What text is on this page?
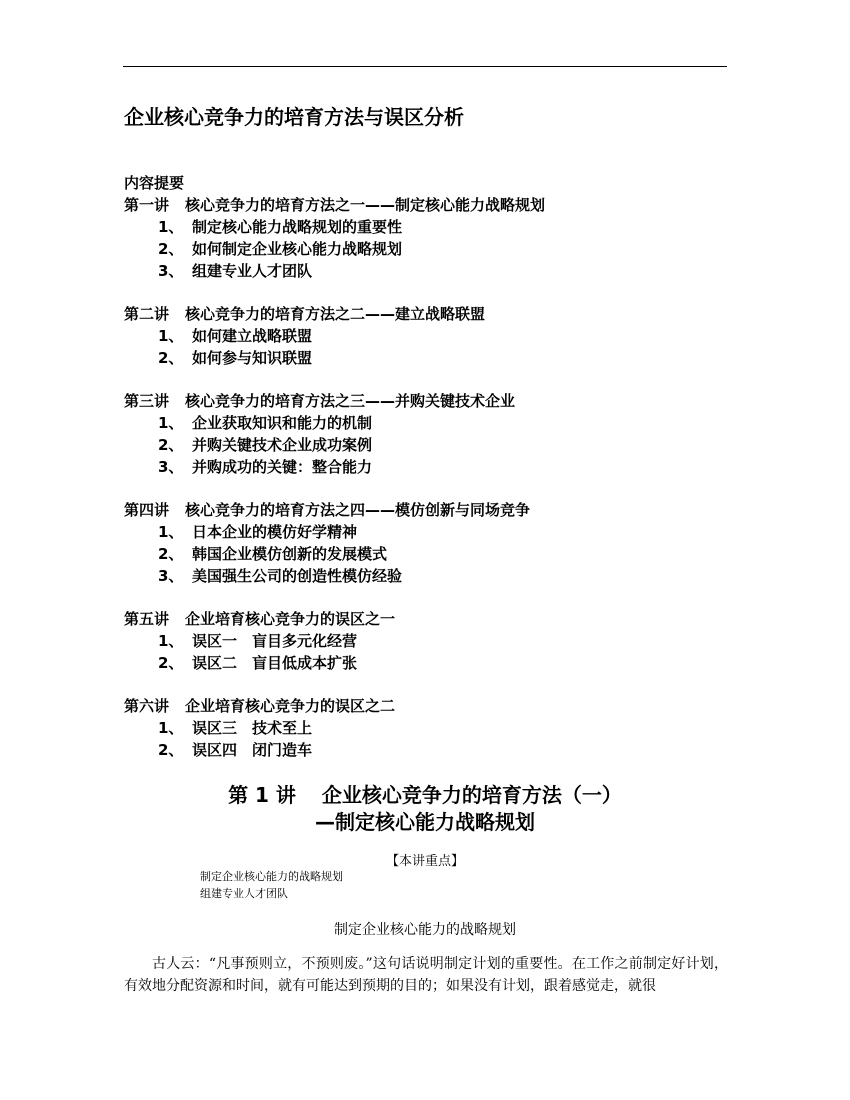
企业核心竞争力的培育方法与误区分析
内容提要
第一讲 核心竞争力的培育方法之一——制定核心能力战略规划
1、 制定核心能力战略规划的重要性
2、 如何制定企业核心能力战略规划
3、 组建专业人才团队
第二讲 核心竞争力的培育方法之二——建立战略联盟
1、 如何建立战略联盟
2、 如何参与知识联盟
第三讲 核心竞争力的培育方法之三——并购关键技术企业
1、 企业获取知识和能力的机制
2、 并购关键技术企业成功案例
3、 并购成功的关键：整合能力
第四讲 核心竞争力的培育方法之四——模仿创新与同场竞争
1、 日本企业的模仿好学精神
2、 韩国企业模仿创新的发展模式
3、 美国强生公司的创造性模仿经验
第五讲 企业培育核心竞争力的误区之一
1、 误区一　盲目多元化经营
2、 误区二　盲目低成本扩张
第六讲 企业培育核心竞争力的误区之二
1、 误区三　技术至上
2、 误区四　闭门造车
第 1 讲 企业核心竞争力的培育方法（一）
—制定核心能力战略规划
【本讲重点】
制定企业核心能力的战略规划
组建专业人才团队
制定企业核心能力的战略规划
古人云：“凡事预则立，不预则废。”这句话说明制定计划的重要性。在工作之前制定好计划，有效地分配资源和时间，就有可能达到预期的目的；如果没有计划，跟着感觉走，就很
